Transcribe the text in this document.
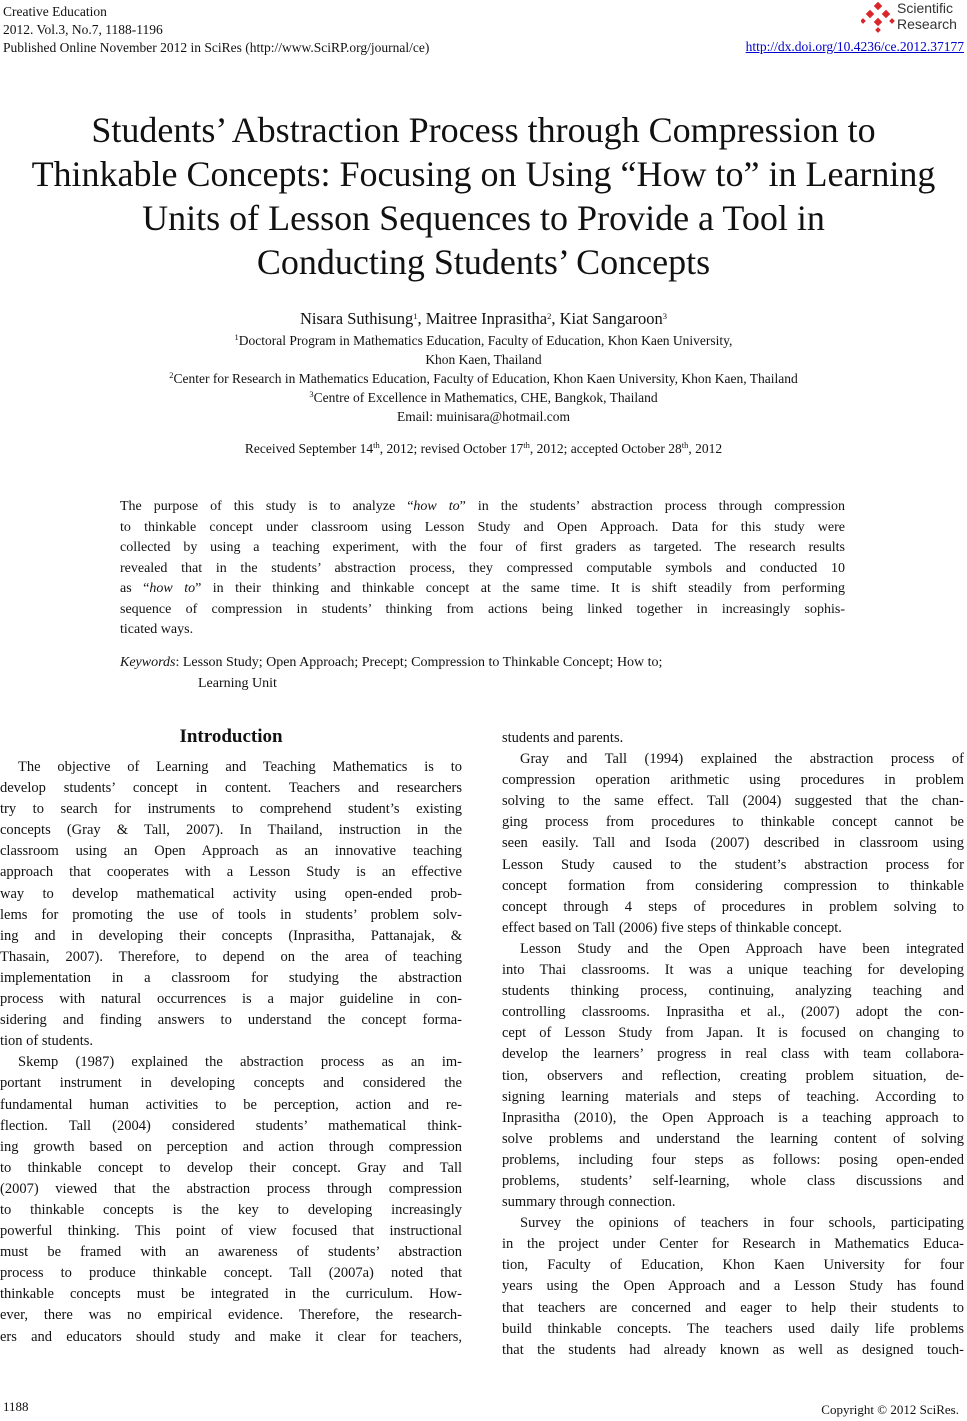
Creative Education
2012. Vol.3, No.7, 1188-1196
Published Online November 2012 in SciRes (http://www.SciRP.org/journal/ce)
Scientific
Research
http://dx.doi.org/10.4236/ce.2012.37177
Students’ Abstraction Process through Compression to
Thinkable Concepts: Focusing on Using “How to” in Learning
Units of Lesson Sequences to Provide a Tool in
Conducting Students’ Concepts
Nisara Suthisung$^1$, Maitree Inprasitha$^2$, Kiat Sangaroon$^3$
$^1$Doctoral Program in Mathematics Education, Faculty of Education, Khon Kaen University,
Khon Kaen, Thailand
$^2$Center for Research in Mathematics Education, Faculty of Education, Khon Kaen University, Khon Kaen, Thailand
$^3$Centre of Excellence in Mathematics, CHE, Bangkok, Thailand
Email: muinisara@hotmail.com
Received September 14th, 2012; revised October 17th, 2012; accepted October 28th, 2012
The purpose of this study is to analyze “how to” in the students’ abstraction process through compression
to thinkable concept under classroom using Lesson Study and Open Approach. Data for this study were
collected by using a teaching experiment, with the four of first graders as targeted. The research results
revealed that in the students’ abstraction process, they compressed computable symbols and conducted 10
as “how to” in their thinking and thinkable concept at the same time. It is shift steadily from performing
sequence of compression in students’ thinking from actions being linked together in increasingly sophis-
ticated ways.
Keywords: Lesson Study; Open Approach; Precept; Compression to Thinkable Concept; How to;
Learning Unit
Introduction
The objective of Learning and Teaching Mathematics is to
develop students’ concept in content. Teachers and researchers
try to search for instruments to comprehend student’s existing
concepts (Gray & Tall, 2007). In Thailand, instruction in the
classroom using an Open Approach as an innovative teaching
approach that cooperates with a Lesson Study is an effective
way to develop mathematical activity using open-ended prob-
lems for promoting the use of tools in students’ problem solv-
ing and in developing their concepts (Inprasitha, Pattanajak, &
Thasain, 2007). Therefore, to depend on the area of teaching
implementation in a classroom for studying the abstraction
process with natural occurrences is a major guideline in con-
sidering and finding answers to understand the concept forma-
tion of students.
Skemp (1987) explained the abstraction process as an im-
portant instrument in developing concepts and considered the
fundamental human activities to be perception, action and re-
flection. Tall (2004) considered students’ mathematical think-
ing growth based on perception and action through compression
to thinkable concept to develop their concept. Gray and Tall
(2007) viewed that the abstraction process through compression
to thinkable concepts is the key to developing increasingly
powerful thinking. This point of view focused that instructional
must be framed with an awareness of students’ abstraction
process to produce thinkable concept. Tall (2007a) noted that
thinkable concepts must be integrated in the curriculum. How-
ever, there was no empirical evidence. Therefore, the research-
ers and educators should study and make it clear for teachers,
students and parents.
Gray and Tall (1994) explained the abstraction process of
compression operation arithmetic using procedures in problem
solving to the same effect. Tall (2004) suggested that the chan-
ging process from procedures to thinkable concept cannot be
seen easily. Tall and Isoda (2007) described in classroom using
Lesson Study caused to the student’s abstraction process for
concept formation from considering compression to thinkable
concept through 4 steps of procedures in problem solving to
effect based on Tall (2006) five steps of thinkable concept.
Lesson Study and the Open Approach have been integrated
into Thai classrooms. It was a unique teaching for developing
students thinking process, continuing, analyzing teaching and
controlling classrooms. Inprasitha et al., (2007) adopt the con-
cept of Lesson Study from Japan. It is focused on changing to
develop the learners’ progress in real class with team collabora-
tion, observers and reflection, creating problem situation, de-
signing learning materials and steps of teaching. According to
Inprasitha (2010), the Open Approach is a teaching approach to
solve problems and understand the learning content of solving
problems, including four steps as follows: posing open-ended
problems, students’ self-learning, whole class discussions and
summary through connection.
Survey the opinions of teachers in four schools, participating
in the project under Center for Research in Mathematics Educa-
tion, Faculty of Education, Khon Kaen University for four
years using the Open Approach and a Lesson Study has found
that teachers are concerned and eager to help their students to
build thinkable concepts. The teachers used daily life problems
that the students had already known as well as designed touch-
1188	Copyright © 2012 SciRes.
